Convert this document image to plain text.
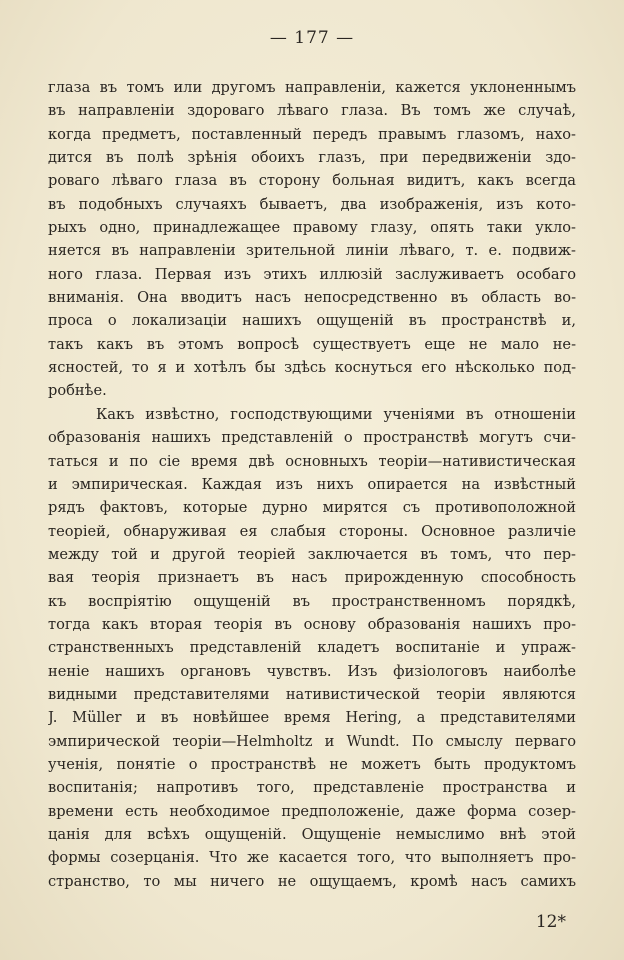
— 177 —
глаза въ томъ или другомъ направленіи, кажется уклоненнымъ
въ направленіи здороваго лѣваго глаза. Въ томъ же случаѣ,
когда предметъ, поставленный передъ правымъ глазомъ, нахо-
дится въ полѣ зрѣнія обоихъ глазъ, при передвиженіи здо-
роваго лѣваго глаза въ сторону больная видитъ, какъ всегда
въ подобныхъ случаяхъ бываетъ, два изображенія, изъ кото-
рыхъ одно, принадлежащее правому глазу, опять таки укло-
няется въ направленіи зрительной линіи лѣваго, т. е. подвиж-
ного глаза. Первая изъ этихъ иллюзій заслуживаетъ особаго
вниманія. Она вводитъ насъ непосредственно въ область во-
проса о локализаціи нашихъ ощущеній въ пространствѣ и,
такъ какъ въ этомъ вопросѣ существуетъ еще не мало не-
ясностей, то я и хотѣлъ бы здѣсь коснуться его нѣсколько под-
робнѣе.
Какъ извѣстно, господствующими ученіями въ отношеніи
образованія нашихъ представленій о пространствѣ могутъ счи-
таться и по сіе время двѣ основныхъ теоріи—нативистическая
и эмпирическая. Каждая изъ нихъ опирается на извѣстный
рядъ фактовъ, которые дурно мирятся съ противоположной
теоріей, обнаруживая ея слабыя стороны. Основное различіе
между той и другой теоріей заключается въ томъ, что пер-
вая теорія признаетъ въ насъ прирожденную способность
къ воспріятію ощущеній въ пространственномъ порядкѣ,
тогда какъ вторая теорія въ основу образованія нашихъ про-
странственныхъ представленій кладетъ воспитаніе и упраж-
неніе нашихъ органовъ чувствъ. Изъ физіологовъ наиболѣе
видными представителями нативистической теоріи являются
J. Müller и въ новѣйшее время Hering, а представителями
эмпирической теоріи—Helmholtz и Wundt. По смыслу перваго
ученія, понятіе о пространствѣ не можетъ быть продуктомъ
воспитанія; напротивъ того, представленіе пространства и
времени есть необходимое предположеніе, даже форма созер-
цанія для всѣхъ ощущеній. Ощущеніе немыслимо внѣ этой
формы созерцанія. Что же касается того, что выполняетъ про-
странство, то мы ничего не ощущаемъ, кромѣ насъ самихъ
12*
